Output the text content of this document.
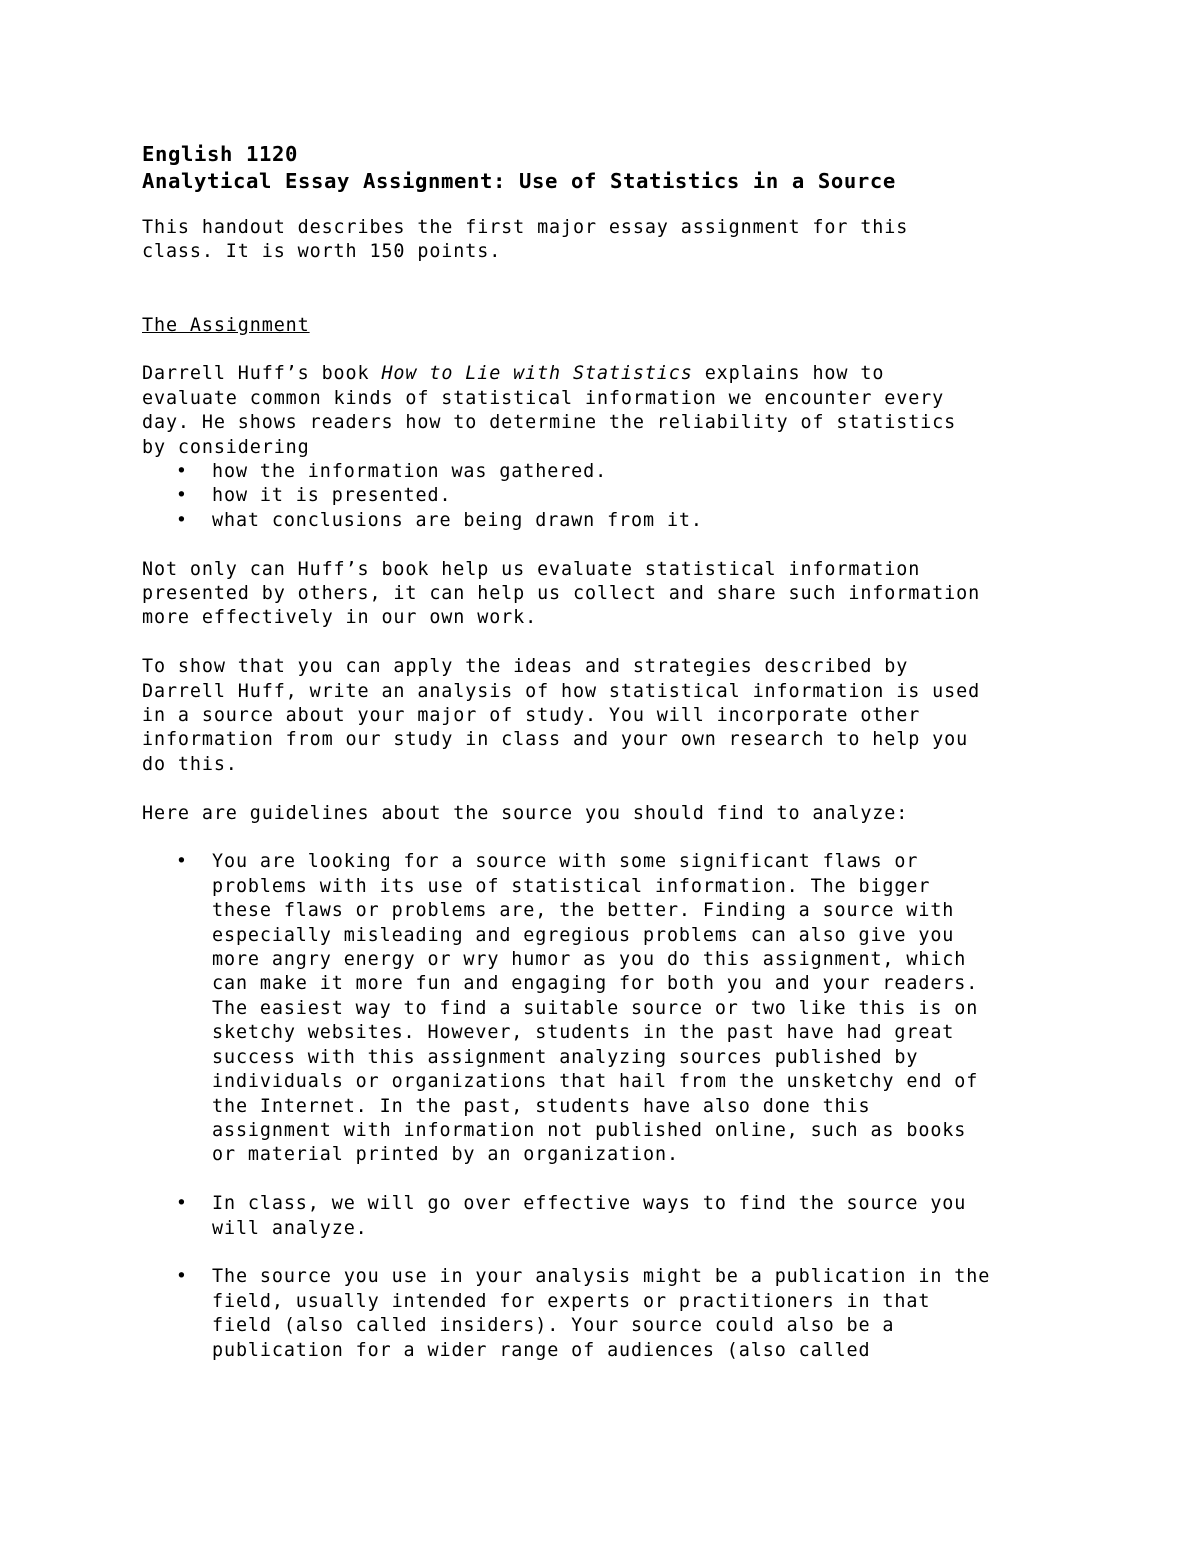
English 1120
Analytical Essay Assignment: Use of Statistics in a Source
This handout describes the first major essay assignment for this
class. It is worth 150 points.
The Assignment
Darrell Huff’s book How to Lie with Statistics explains how to
evaluate common kinds of statistical information we encounter every
day. He shows readers how to determine the reliability of statistics
by considering
• how the information was gathered.
• how it is presented.
• what conclusions are being drawn from it.
Not only can Huff’s book help us evaluate statistical information
presented by others, it can help us collect and share such information
more effectively in our own work.
To show that you can apply the ideas and strategies described by
Darrell Huff, write an analysis of how statistical information is used
in a source about your major of study. You will incorporate other
information from our study in class and your own research to help you
do this.
Here are guidelines about the source you should find to analyze:
• You are looking for a source with some significant flaws or
problems with its use of statistical information. The bigger
these flaws or problems are, the better. Finding a source with
especially misleading and egregious problems can also give you
more angry energy or wry humor as you do this assignment, which
can make it more fun and engaging for both you and your readers.
The easiest way to find a suitable source or two like this is on
sketchy websites. However, students in the past have had great
success with this assignment analyzing sources published by
individuals or organizations that hail from the unsketchy end of
the Internet. In the past, students have also done this
assignment with information not published online, such as books
or material printed by an organization.
• In class, we will go over effective ways to find the source you
will analyze.
• The source you use in your analysis might be a publication in the
field, usually intended for experts or practitioners in that
field (also called insiders). Your source could also be a
publication for a wider range of audiences (also called
